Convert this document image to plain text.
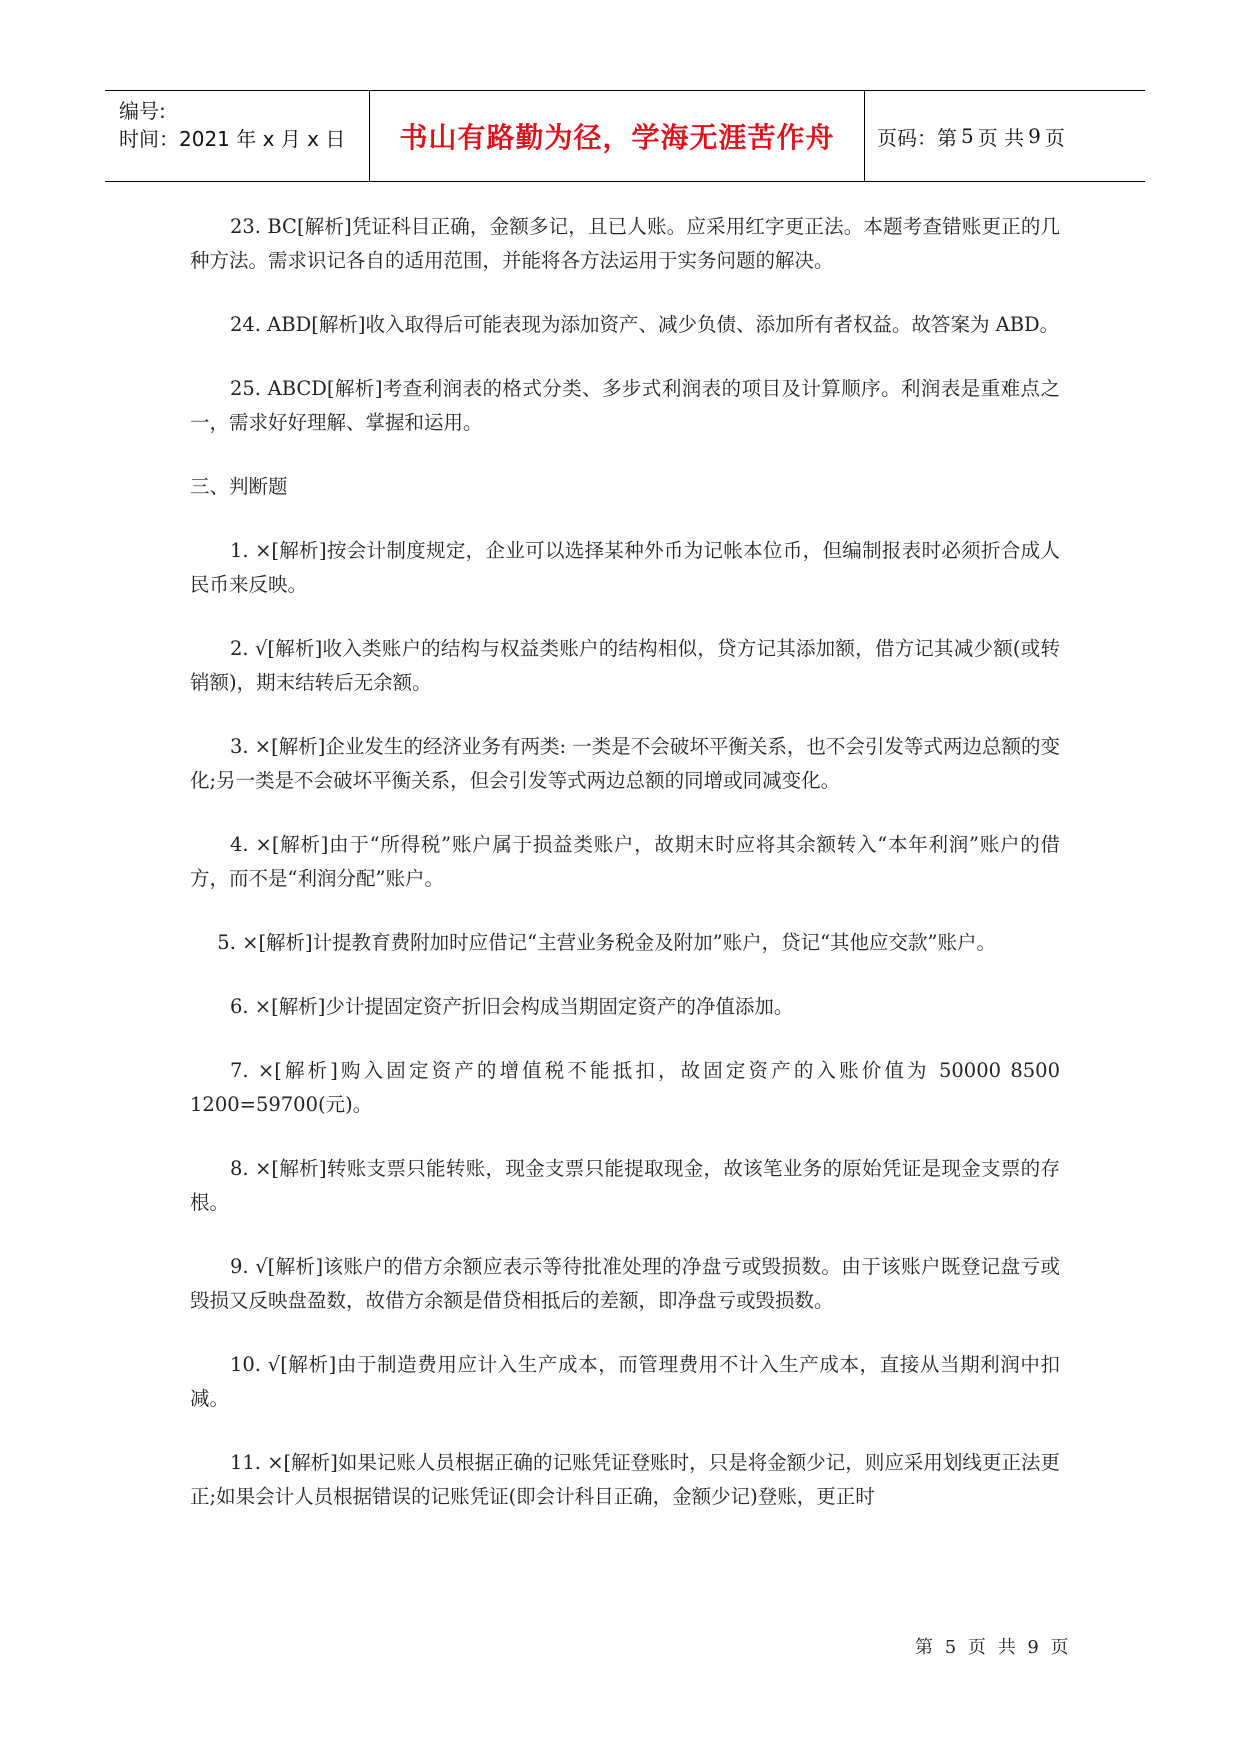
编号:
时间：2021 年 x 月 x 日	书山有路勤为径，学海无涯苦作舟	页码：第 5 页 共 9 页

23. BC[解析]凭证科目正确，金额多记，且已人账。应采用红字更正法。本题考查错账更正的几种方法。需求识记各自的适用范围，并能将各方法运用于实务问题的解决。

24. ABD[解析]收入取得后可能表现为添加资产、减少负债、添加所有者权益。故答案为 ABD。

25. ABCD[解析]考查利润表的格式分类、多步式利润表的项目及计算顺序。利润表是重难点之一，需求好好理解、掌握和运用。

三、判断题

1. ×[解析]按会计制度规定，企业可以选择某种外币为记帐本位币，但编制报表时必须折合成人民币来反映。

2. √[解析]收入类账户的结构与权益类账户的结构相似，贷方记其添加额，借方记其减少额(或转销额)，期末结转后无余额。

3. ×[解析]企业发生的经济业务有两类: 一类是不会破坏平衡关系，也不会引发等式两边总额的变化;另一类是不会破坏平衡关系，但会引发等式两边总额的同增或同减变化。

4. ×[解析]由于“所得税”账户属于损益类账户，故期末时应将其余额转入“本年利润”账户的借方，而不是“利润分配”账户。

5. ×[解析]计提教育费附加时应借记“主营业务税金及附加”账户，贷记“其他应交款”账户。

6. ×[解析]少计提固定资产折旧会构成当期固定资产的净值添加。

7. ×[解析]购入固定资产的增值税不能抵扣，故固定资产的入账价值为 50000 8500 1200=59700(元)。

8. ×[解析]转账支票只能转账，现金支票只能提取现金，故该笔业务的原始凭证是现金支票的存根。

9. √[解析]该账户的借方余额应表示等待批准处理的净盘亏或毁损数。由于该账户既登记盘亏或毁损又反映盘盈数，故借方余额是借贷相抵后的差额，即净盘亏或毁损数。

10. √[解析]由于制造费用应计入生产成本，而管理费用不计入生产成本，直接从当期利润中扣减。

11. ×[解析]如果记账人员根据正确的记账凭证登账时，只是将金额少记，则应采用划线更正法更正;如果会计人员根据错误的记账凭证(即会计科目正确，金额少记)登账，更正时

第 5 页 共 9 页
